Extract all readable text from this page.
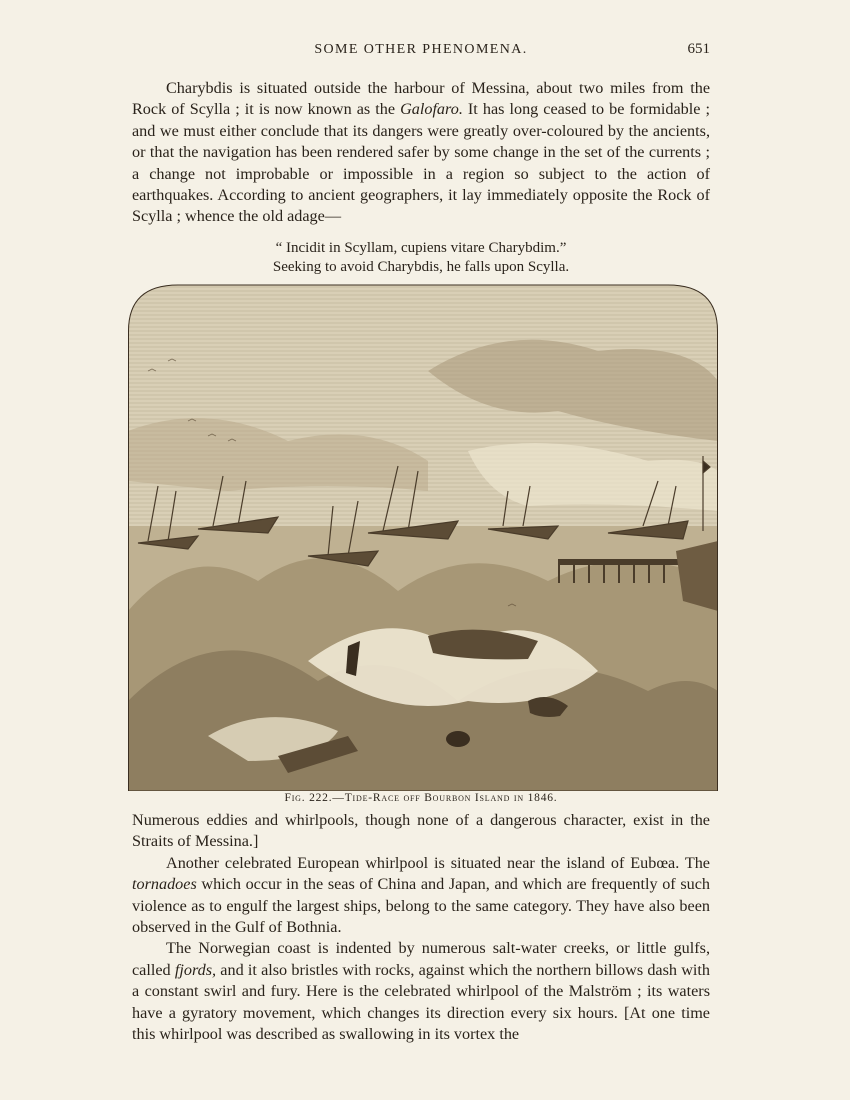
SOME OTHER PHENOMENA.	651

Charybdis is situated outside the harbour of Messina, about two miles from the Rock of Scylla ; it is now known as the Galofaro. It has long ceased to be formidable ; and we must either conclude that its dangers were greatly over-coloured by the ancients, or that the navigation has been rendered safer by some change in the set of the currents ; a change not improbable or impossible in a region so subject to the action of earthquakes. According to ancient geographers, it lay immediately opposite the Rock of Scylla ; whence the old adage—

“ Incidit in Scyllam, cupiens vitare Charybdim.”
Seeking to avoid Charybdis, he falls upon Scylla.
Fig. 222.—Tide-Race off Bourbon Island in 1846.

Numerous eddies and whirlpools, though none of a dangerous character, exist in the Straits of Messina.]

Another celebrated European whirlpool is situated near the island of Eubœa. The tornadoes which occur in the seas of China and Japan, and which are frequently of such violence as to engulf the largest ships, belong to the same category. They have also been observed in the Gulf of Bothnia.

The Norwegian coast is indented by numerous salt-water creeks, or little gulfs, called fjords, and it also bristles with rocks, against which the northern billows dash with a constant swirl and fury. Here is the celebrated whirlpool of the Malström ; its waters have a gyratory movement, which changes its direction every six hours. [At one time this whirlpool was described as swallowing in its vortex the
